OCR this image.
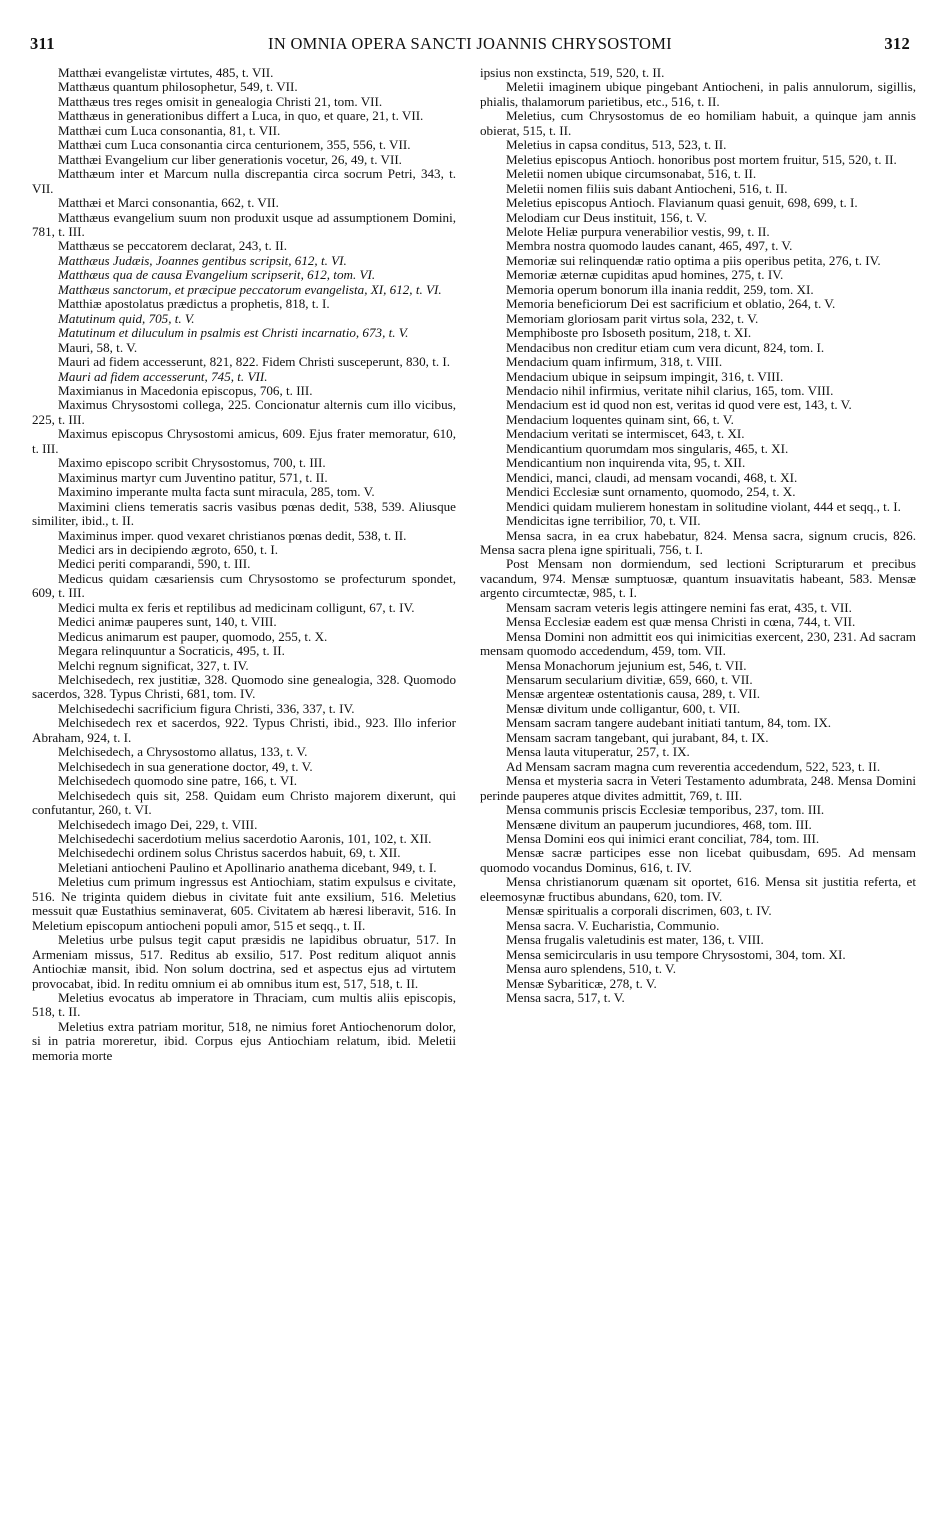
311	IN OMNIA OPERA SANCTI JOANNIS CHRYSOSTOMI	312

Matthæi evangelistæ virtutes, 485, t. VII.

Matthæus quantum philosophetur, 549, t. VII.

Matthæus tres reges omisit in genealogia Christi 21, tom. VII.

Matthæus in generationibus differt a Luca, in quo, et quare, 21, t. VII.

Matthæi cum Luca consonantia, 81, t. VII.

Matthæi cum Luca consonantia circa centurionem, 355, 556, t. VII.

Matthæi Evangelium cur liber generationis vocetur, 26, 49, t. VII.

Matthæum inter et Marcum nulla discrepantia circa socrum Petri, 343, t. VII.

Matthæi et Marci consonantia, 662, t. VII.

Matthæus evangelium suum non produxit usque ad assumptionem Domini, 781, t. III.

Matthæus se peccatorem declarat, 243, t. II.

Matthæus Judæis, Joannes gentibus scripsit, 612, t. VI.

Matthæus qua de causa Evangelium scripserit, 612, tom. VI.

Matthæus sanctorum, et præcipue peccatorum evangelista, XI, 612, t. VI.

Matthiæ apostolatus prædictus a prophetis, 818, t. I.

Matutinum quid, 705, t. V.

Matutinum et diluculum in psalmis est Christi incarnatio, 673, t. V.

Mauri, 58, t. V.

Mauri ad fidem accesserunt, 821, 822. Fidem Christi susceperunt, 830, t. I.

Mauri ad fidem accesserunt, 745, t. VII.

Maximianus in Macedonia episcopus, 706, t. III.

Maximus Chrysostomi collega, 225. Concionatur alternis cum illo vicibus, 225, t. III.

Maximus episcopus Chrysostomi amicus, 609. Ejus frater memoratur, 610, t. III.

Maximo episcopo scribit Chrysostomus, 700, t. III.

Maximinus martyr cum Juventino patitur, 571, t. II.

Maximino imperante multa facta sunt miracula, 285, tom. V.

Maximini cliens temeratis sacris vasibus pœnas dedit, 538, 539. Aliusque similiter, ibid., t. II.

Maximinus imper. quod vexaret christianos pœnas dedit, 538, t. II.

Medici ars in decipiendo ægroto, 650, t. I.

Medici periti comparandi, 590, t. III.

Medicus quidam cæsariensis cum Chrysostomo se profecturum spondet, 609, t. III.

Medici multa ex feris et reptilibus ad medicinam colligunt, 67, t. IV.

Medici animæ pauperes sunt, 140, t. VIII.

Medicus animarum est pauper, quomodo, 255, t. X.

Megara relinquuntur a Socraticis, 495, t. II.

Melchi regnum significat, 327, t. IV.

Melchisedech, rex justitiæ, 328. Quomodo sine genealogia, 328. Quomodo sacerdos, 328. Typus Christi, 681, tom. IV.

Melchisedechi sacrificium figura Christi, 336, 337, t. IV.

Melchisedech rex et sacerdos, 922. Typus Christi, ibid., 923. Illo inferior Abraham, 924, t. I.

Melchisedech, a Chrysostomo allatus, 133, t. V.

Melchisedech in sua generatione doctor, 49, t. V.

Melchisedech quomodo sine patre, 166, t. VI.

Melchisedech quis sit, 258. Quidam eum Christo majorem dixerunt, qui confutantur, 260, t. VI.

Melchisedech imago Dei, 229, t. VIII.

Melchisedechi sacerdotium melius sacerdotio Aaronis, 101, 102, t. XII.

Melchisedechi ordinem solus Christus sacerdos habuit, 69, t. XII.

Meletiani antiocheni Paulino et Apollinario anathema dicebant, 949, t. I.

Meletius cum primum ingressus est Antiochiam, statim expulsus e civitate, 516. Ne triginta quidem diebus in civitate fuit ante exsilium, 516. Meletius messuit quæ Eustathius seminaverat, 605. Civitatem ab hæresi liberavit, 516. In Meletium episcopum antiocheni populi amor, 515 et seqq., t. II.

Meletius urbe pulsus tegit caput præsidis ne lapidibus obruatur, 517. In Armeniam missus, 517. Reditus ab exsilio, 517. Post reditum aliquot annis Antiochiæ mansit, ibid. Non solum doctrina, sed et aspectus ejus ad virtutem provocabat, ibid. In reditu omnium ei ab omnibus itum est, 517, 518, t. II.

Meletius evocatus ab imperatore in Thraciam, cum multis aliis episcopis, 518, t. II.

Meletius extra patriam moritur, 518, ne nimius foret Antiochenorum dolor, si in patria moreretur, ibid. Corpus ejus Antiochiam relatum, ibid. Meletii memoria morte

ipsius non exstincta, 519, 520, t. II.

Meletii imaginem ubique pingebant Antiocheni, in palis annulorum, sigillis, phialis, thalamorum parietibus, etc., 516, t. II.

Meletius, cum Chrysostomus de eo homiliam habuit, a quinque jam annis obierat, 515, t. II.

Meletius in capsa conditus, 513, 523, t. II.

Meletius episcopus Antioch. honoribus post mortem fruitur, 515, 520, t. II.

Meletii nomen ubique circumsonabat, 516, t. II.

Meletii nomen filiis suis dabant Antiocheni, 516, t. II.

Meletius episcopus Antioch. Flavianum quasi genuit, 698, 699, t. I.

Melodiam cur Deus instituit, 156, t. V.

Melote Heliæ purpura venerabilior vestis, 99, t. II.

Membra nostra quomodo laudes canant, 465, 497, t. V.

Memoriæ sui relinquendæ ratio optima a piis operibus petita, 276, t. IV.

Memoriæ æternæ cupiditas apud homines, 275, t. IV.

Memoria operum bonorum illa inania reddit, 259, tom. XI.

Memoria beneficiorum Dei est sacrificium et oblatio, 264, t. V.

Memoriam gloriosam parit virtus sola, 232, t. V.

Memphiboste pro Isboseth positum, 218, t. XI.

Mendacibus non creditur etiam cum vera dicunt, 824, tom. I.

Mendacium quam infirmum, 318, t. VIII.

Mendacium ubique in seipsum impingit, 316, t. VIII.

Mendacio nihil infirmius, veritate nihil clarius, 165, tom. VIII.

Mendacium est id quod non est, veritas id quod vere est, 143, t. V.

Mendacium loquentes quinam sint, 66, t. V.

Mendacium veritati se intermiscet, 643, t. XI.

Mendicantium quorumdam mos singularis, 465, t. XI.

Mendicantium non inquirenda vita, 95, t. XII.

Mendici, manci, claudi, ad mensam vocandi, 468, t. XI.

Mendici Ecclesiæ sunt ornamento, quomodo, 254, t. X.

Mendici quidam mulierem honestam in solitudine violant, 444 et seqq., t. I.

Mendicitas igne terribilior, 70, t. VII.

Mensa sacra, in ea crux habebatur, 824. Mensa sacra, signum crucis, 826. Mensa sacra plena igne spirituali, 756, t. I.

Post Mensam non dormiendum, sed lectioni Scripturarum et precibus vacandum, 974. Mensæ sumptuosæ, quantum insuavitatis habeant, 583. Mensæ argento circumtectæ, 985, t. I.

Mensam sacram veteris legis attingere nemini fas erat, 435, t. VII.

Mensa Ecclesiæ eadem est quæ mensa Christi in cœna, 744, t. VII.

Mensa Domini non admittit eos qui inimicitias exercent, 230, 231. Ad sacram mensam quomodo accedendum, 459, tom. VII.

Mensa Monachorum jejunium est, 546, t. VII.

Mensarum secularium divitiæ, 659, 660, t. VII.

Mensæ argenteæ ostentationis causa, 289, t. VII.

Mensæ divitum unde colligantur, 600, t. VII.

Mensam sacram tangere audebant initiati tantum, 84, tom. IX.

Mensam sacram tangebant, qui jurabant, 84, t. IX.

Mensa lauta vituperatur, 257, t. IX.

Ad Mensam sacram magna cum reverentia accedendum, 522, 523, t. II.

Mensa et mysteria sacra in Veteri Testamento adumbrata, 248. Mensa Domini perinde pauperes atque divites admittit, 769, t. III.

Mensa communis priscis Ecclesiæ temporibus, 237, tom. III.

Mensæne divitum an pauperum jucundiores, 468, tom. III.

Mensa Domini eos qui inimici erant conciliat, 784, tom. III.

Mensæ sacræ participes esse non licebat quibusdam, 695. Ad mensam quomodo vocandus Dominus, 616, t. IV.

Mensa christianorum quænam sit oportet, 616. Mensa sit justitia referta, et eleemosynæ fructibus abundans, 620, tom. IV.

Mensæ spiritualis a corporali discrimen, 603, t. IV.

Mensa sacra. V. Eucharistia, Communio.

Mensa frugalis valetudinis est mater, 136, t. VIII.

Mensa semicircularis in usu tempore Chrysostomi, 304, tom. XI.

Mensa auro splendens, 510, t. V.

Mensæ Sybariticæ, 278, t. V.

Mensa sacra, 517, t. V.
